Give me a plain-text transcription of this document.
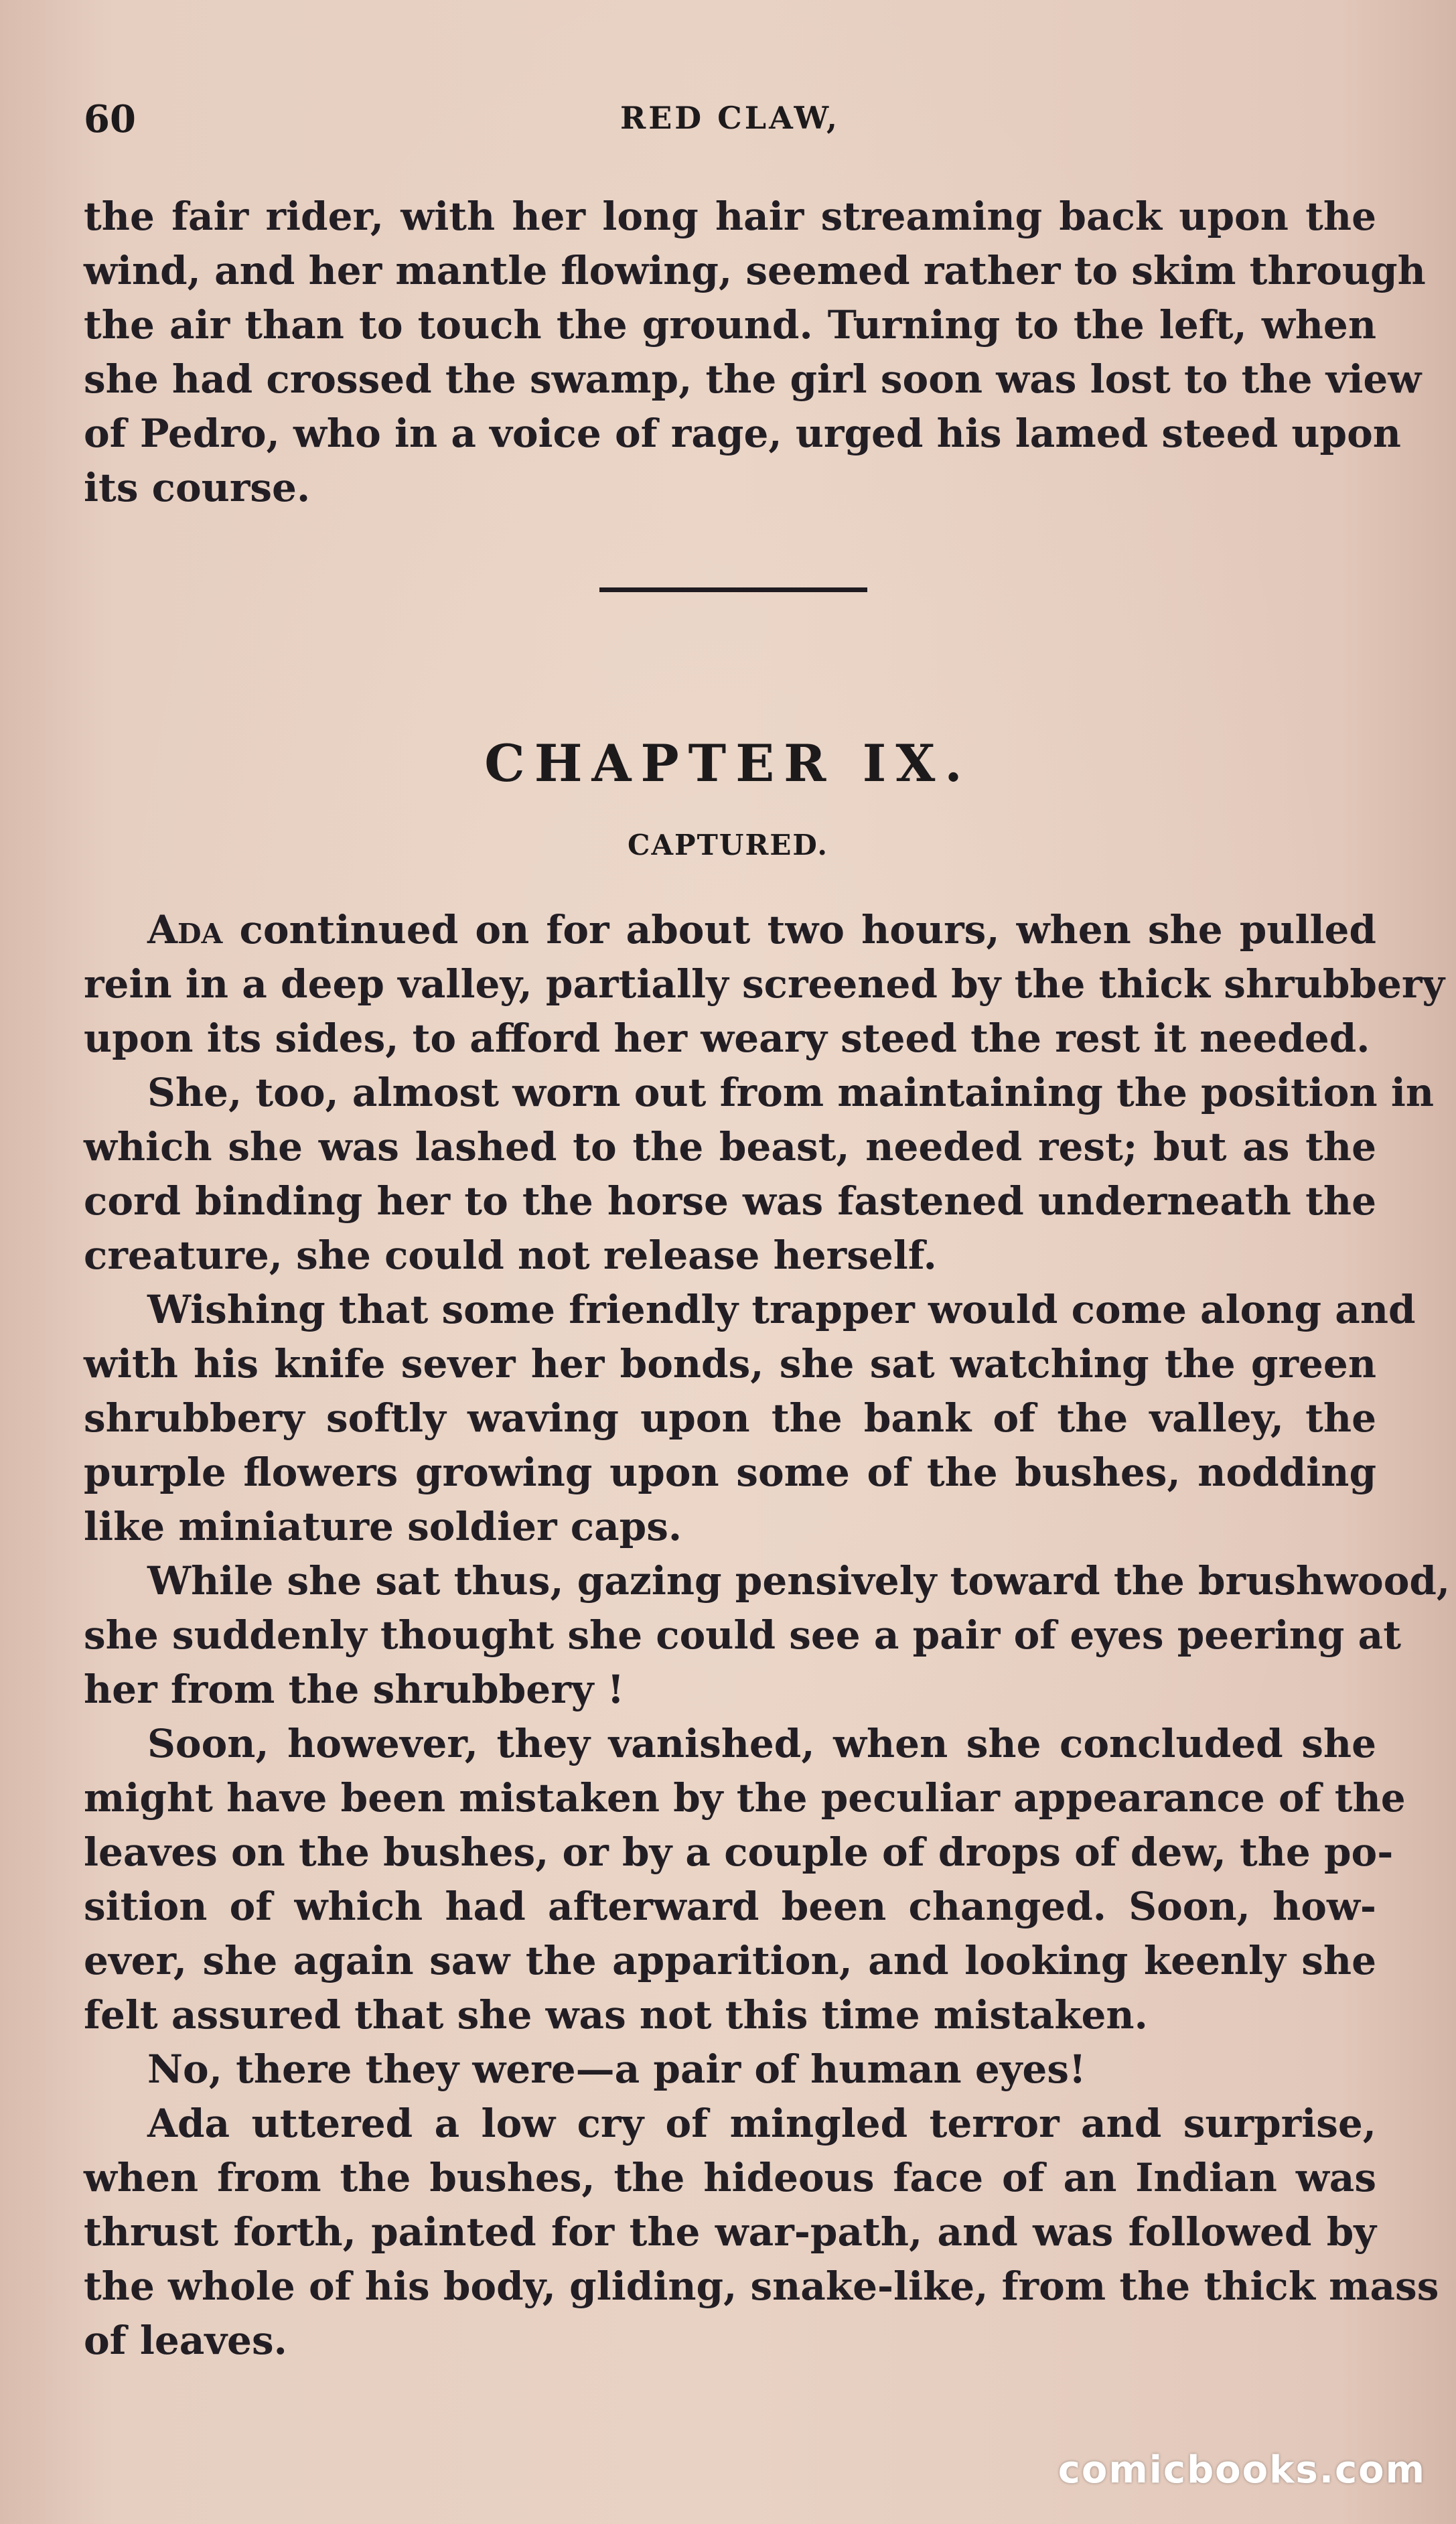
60	RED CLAW,
the fair rider, with her long hair streaming back upon the
wind, and her mantle flowing, seemed rather to skim through
the air than to touch the ground. Turning to the left, when
she had crossed the swamp, the girl soon was lost to the view
of Pedro, who in a voice of rage, urged his lamed steed upon
its course.
CHAPTER IX.
CAPTURED.
Ada continued on for about two hours, when she pulled
rein in a deep valley, partially screened by the thick shrubbery
upon its sides, to afford her weary steed the rest it needed.
She, too, almost worn out from maintaining the position in
which she was lashed to the beast, needed rest; but as the
cord binding her to the horse was fastened underneath the
creature, she could not release herself.
Wishing that some friendly trapper would come along and
with his knife sever her bonds, she sat watching the green
shrubbery softly waving upon the bank of the valley, the
purple flowers growing upon some of the bushes, nodding
like miniature soldier caps.
While she sat thus, gazing pensively toward the brushwood,
she suddenly thought she could see a pair of eyes peering at
her from the shrubbery !
Soon, however, they vanished, when she concluded she
might have been mistaken by the peculiar appearance of the
leaves on the bushes, or by a couple of drops of dew, the po-
sition of which had afterward been changed. Soon, how-
ever, she again saw the apparition, and looking keenly she
felt assured that she was not this time mistaken.
No, there they were—a pair of human eyes!
Ada uttered a low cry of mingled terror and surprise,
when from the bushes, the hideous face of an Indian was
thrust forth, painted for the war-path, and was followed by
the whole of his body, gliding, snake-like, from the thick mass
of leaves.
comicbooks.com
